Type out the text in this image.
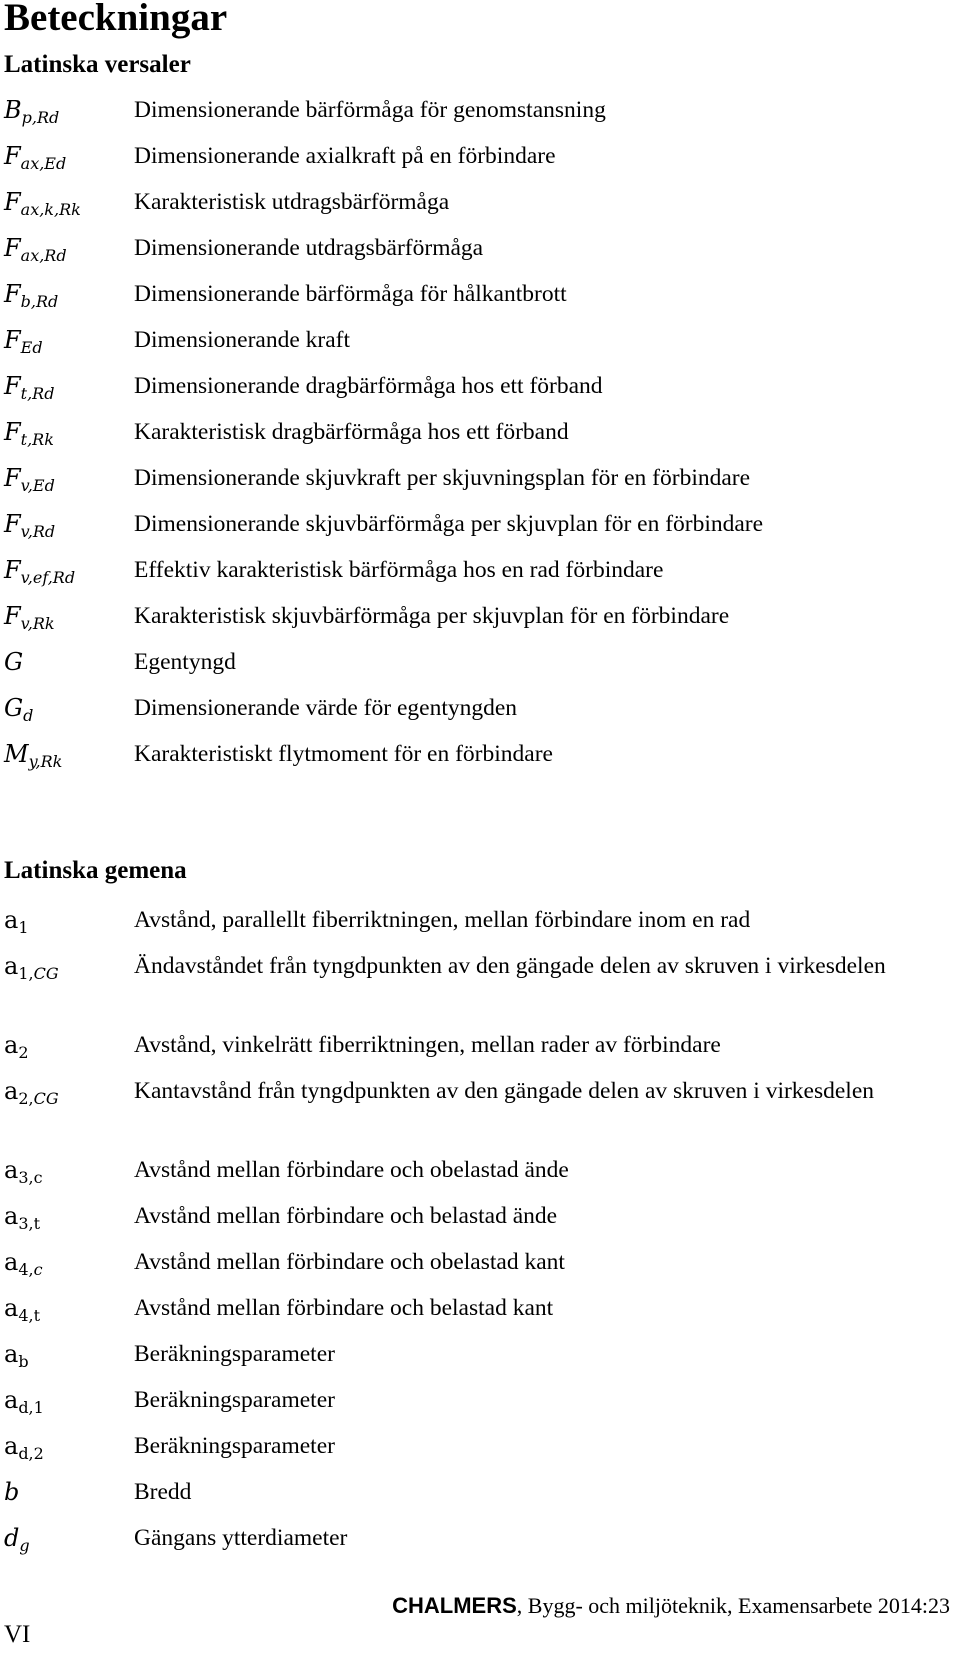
Beteckningar
Latinska versaler
$B_{p,Rd}$	Dimensionerande bärförmåga för genomstansning
$F_{ax,Ed}$	Dimensionerande axialkraft på en förbindare
$F_{ax,k,Rk}$ Karakteristisk utdragsbärförmåga
$F_{ax,Rd}$	Dimensionerande utdragsbärförmåga
$F_{b,Rd}$	Dimensionerande bärförmåga för hålkantbrott
$F_{Ed}$	Dimensionerande kraft
$F_{t,Rd}$	Dimensionerande dragbärförmåga hos ett förband
$F_{t,Rk}$	Karakteristisk dragbärförmåga hos ett förband
$F_{v,Ed}$	Dimensionerande skjuvkraft per skjuvningsplan för en förbindare
$F_{v,Rd}$	Dimensionerande skjuvbärförmåga per skjuvplan för en förbindare
$F_{v,ef,Rd}$	Effektiv karakteristisk bärförmåga hos en rad förbindare
$F_{v,Rk}$	Karakteristisk skjuvbärförmåga per skjuvplan för en förbindare
G	Egentyngd
$G_d$	Dimensionerande värde för egentyngden
$M_{y,Rk}$	Karakteristiskt flytmoment för en förbindare
Latinska gemena
$a_1$	Avstånd, parallellt fiberriktningen, mellan förbindare inom en rad
$a_{1,CG}$	Ändavståndet från tyngdpunkten av den gängade delen av skruven i virkesdelen
$a_2$	Avstånd, vinkelrätt fiberriktningen, mellan rader av förbindare
$a_{2,CG}$	Kantavstånd från tyngdpunkten av den gängade delen av skruven i virkesdelen
$a_{3,c}$	Avstånd mellan förbindare och obelastad ände
$a_{3,t}$	Avstånd mellan förbindare och belastad ände
$a_{4,c}$	Avstånd mellan förbindare och obelastad kant
$a_{4,t}$	Avstånd mellan förbindare och belastad kant
$a_b$	Beräkningsparameter
$a_{d,1}$	Beräkningsparameter
$a_{d,2}$	Beräkningsparameter
b	Bredd
$d_g$	Gängans ytterdiameter
VI
CHALMERS, Bygg- och miljöteknik, Examensarbete 2014:23
